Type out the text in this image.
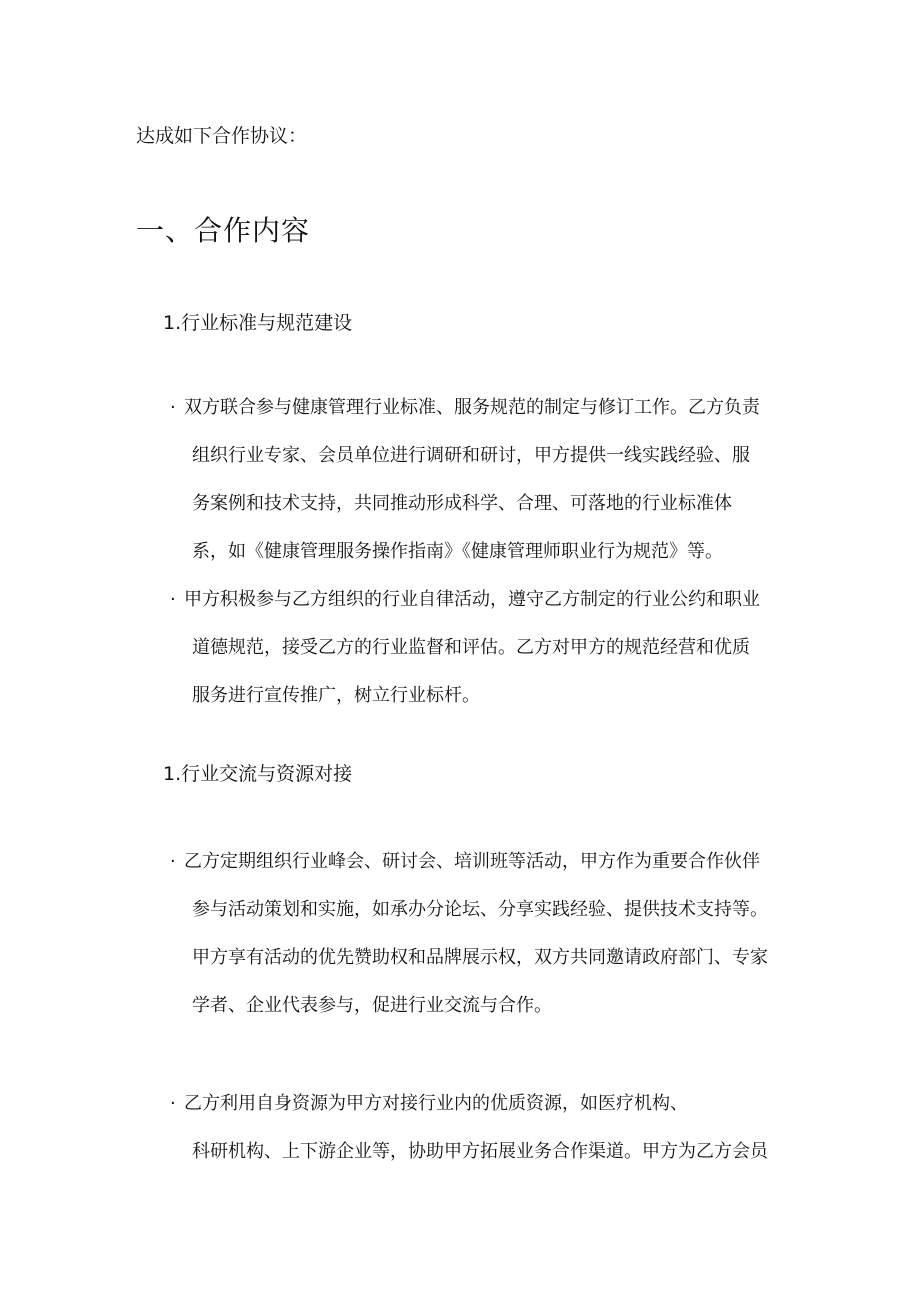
达成如下合作协议：
一、合作内容
1.行业标准与规范建设
· 双方联合参与健康管理行业标准、服务规范的制定与修订工作。乙方负责
组织行业专家、会员单位进行调研和研讨，甲方提供一线实践经验、服
务案例和技术支持，共同推动形成科学、合理、可落地的行业标准体
系，如《健康管理服务操作指南》《健康管理师职业行为规范》等。
· 甲方积极参与乙方组织的行业自律活动，遵守乙方制定的行业公约和职业
道德规范，接受乙方的行业监督和评估。乙方对甲方的规范经营和优质
服务进行宣传推广，树立行业标杆。
1.行业交流与资源对接
· 乙方定期组织行业峰会、研讨会、培训班等活动，甲方作为重要合作伙伴
参与活动策划和实施，如承办分论坛、分享实践经验、提供技术支持等。
甲方享有活动的优先赞助权和品牌展示权，双方共同邀请政府部门、专家
学者、企业代表参与，促进行业交流与合作。
· 乙方利用自身资源为甲方对接行业内的优质资源，如医疗机构、
科研机构、上下游企业等，协助甲方拓展业务合作渠道。甲方为乙方会员
